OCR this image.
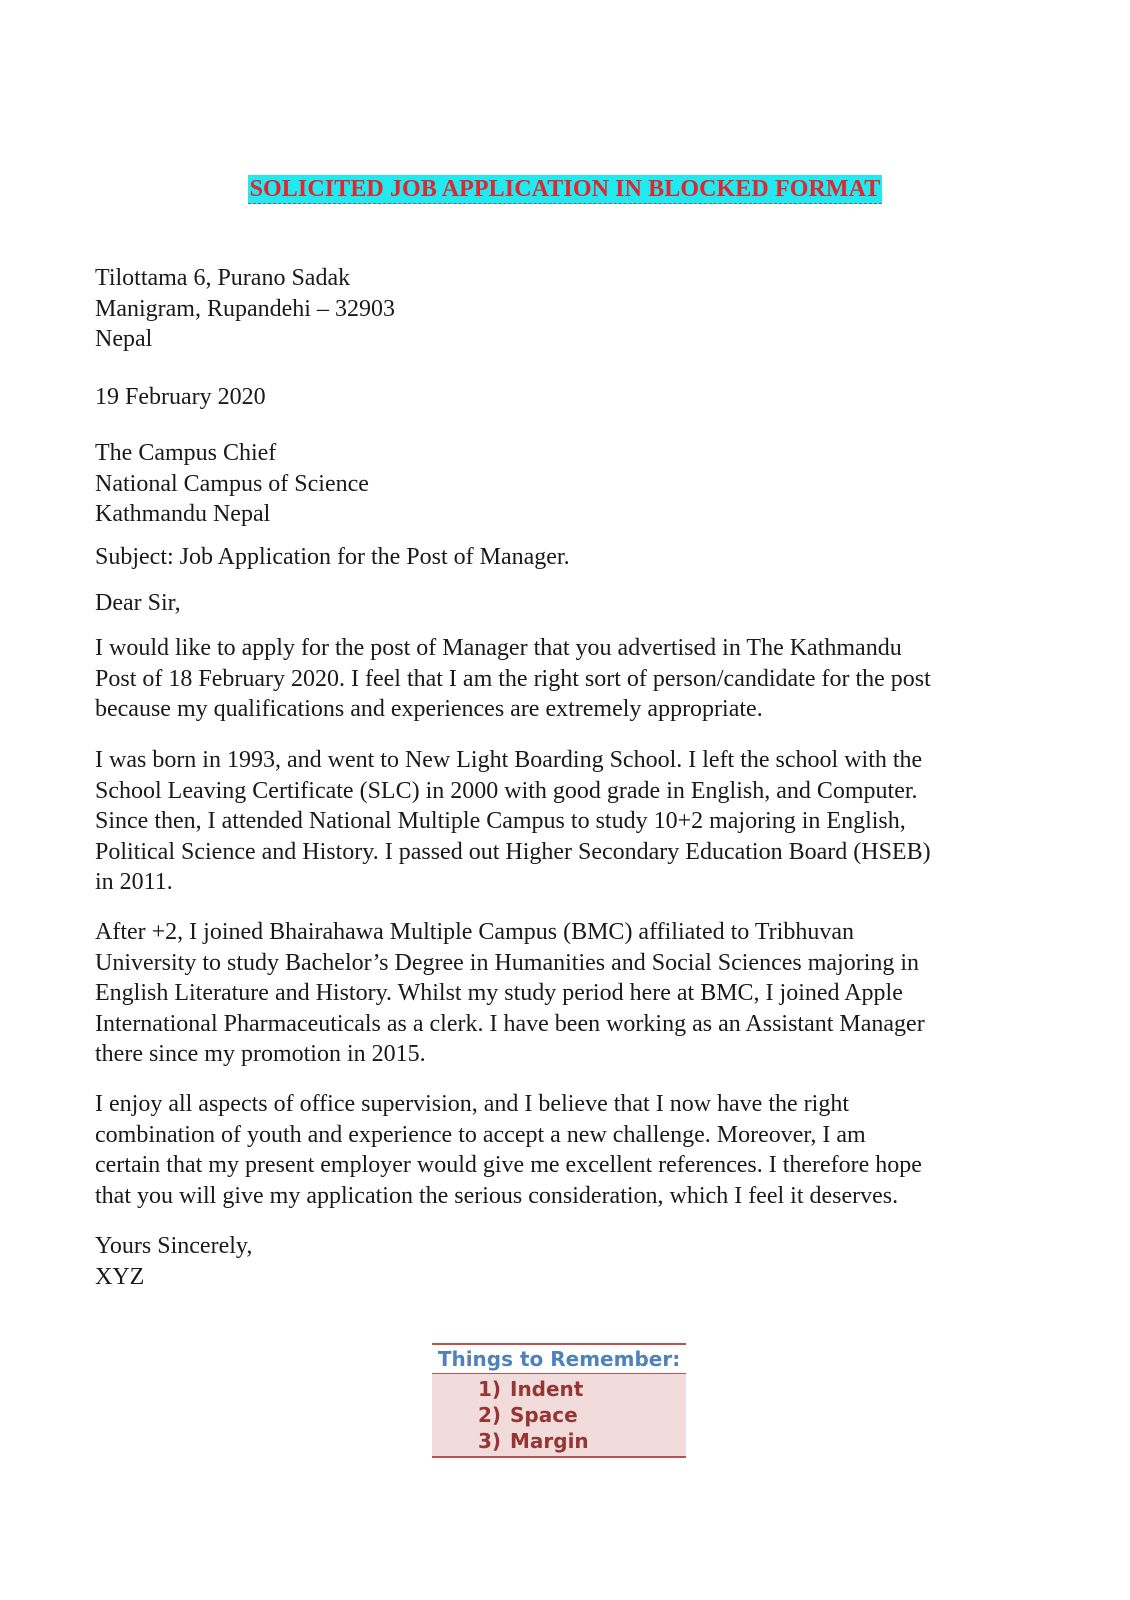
SOLICITED JOB APPLICATION IN BLOCKED FORMAT
Tilottama 6, Purano Sadak
Manigram, Rupandehi – 32903
Nepal
19 February 2020
The Campus Chief
National Campus of Science
Kathmandu Nepal
Subject: Job Application for the Post of Manager.
Dear Sir,
I would like to apply for the post of Manager that you advertised in The Kathmandu
Post of 18 February 2020. I feel that I am the right sort of person/candidate for the post
because my qualifications and experiences are extremely appropriate.
I was born in 1993, and went to New Light Boarding School. I left the school with the
School Leaving Certificate (SLC) in 2000 with good grade in English, and Computer.
Since then, I attended National Multiple Campus to study 10+2 majoring in English,
Political Science and History. I passed out Higher Secondary Education Board (HSEB)
in 2011.
After +2, I joined Bhairahawa Multiple Campus (BMC) affiliated to Tribhuvan
University to study Bachelor’s Degree in Humanities and Social Sciences majoring in
English Literature and History. Whilst my study period here at BMC, I joined Apple
International Pharmaceuticals as a clerk. I have been working as an Assistant Manager
there since my promotion in 2015.
I enjoy all aspects of office supervision, and I believe that I now have the right
combination of youth and experience to accept a new challenge. Moreover, I am
certain that my present employer would give me excellent references. I therefore hope
that you will give my application the serious consideration, which I feel it deserves.
Yours Sincerely,
XYZ
Things to Remember:
1) Indent
2) Space
3) Margin
